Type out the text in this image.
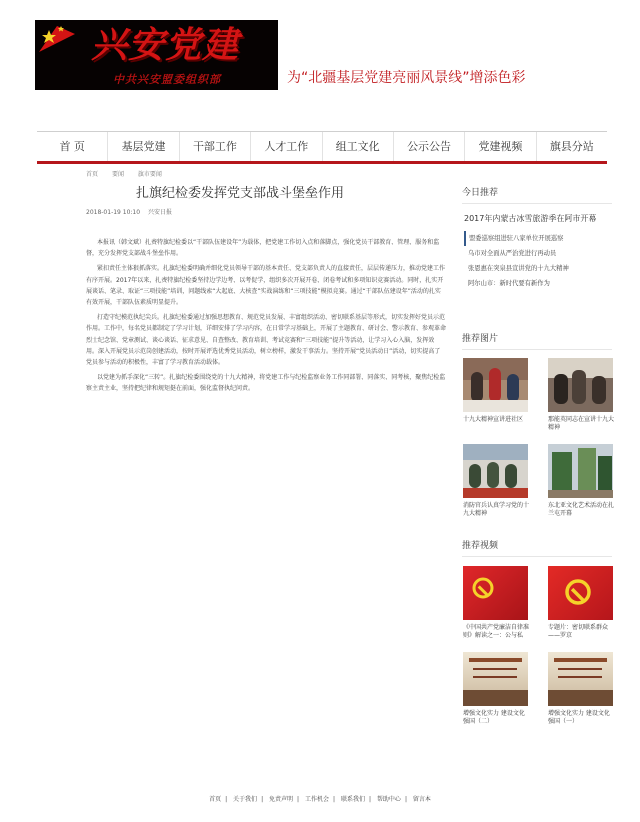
兴安党建
中共兴安盟委组织部	为“北疆基层党建亮丽风景线”增添色彩
首 页	基层党建	干部工作	人才工作	组工文化	公示公告	党建视频	旗县分站
首页 要闻 旗市要闻
扎旗纪检委发挥党支部战斗堡垒作用
2018-01-19 10:10 兴安日报

本报讯（韩文斌）扎赉特旗纪检委以“干部队伍建设年”为载体，把党建工作切入点和落脚点，强化党员干部教育、管理、服务和监督，充分发挥党支部战斗堡垒作用。

紧扣责任主体狠抓落实。扎旗纪检委明确并细化党员领导干部的基本责任、党支部负责人的直接责任，层层传递压力，推动党建工作有序开展。2017年以来，扎赉特旗纪检委坚持边学边考、以考促学，组织多次开展开卷、闭卷考试和多项知识竞赛活动。同时，扎实开展谈话、笔录、取证“三项技能”培训，问题线索“大起底、大核查”实战演练和“三项技能”模拟竞赛。通过“干部队伍建设年”活动的扎实有效开展，干部队伍素质明显提升。

打造守纪模范执纪尖兵。扎旗纪检委通过加强思想教育、规范党员发展、丰富组织活动、密切联系基层等形式，切实发挥好党员示范作用。工作中，每名党员都制定了学习计划，详细安排了学习内容，在日常学习基础上，开展了主题教育、研讨会、警示教育、参观革命烈士纪念馆、党章测试、谈心谈话、征求意见、自查整改、教育培训、考试竞赛和“三项技能”提升等活动，让学习入心入脑，发挥效用。深入开展党员示范岗创建活动，按时开展评选优秀党员活动，树立榜样，激发干事活力。坚持开展“党员活动日”活动，切实提高了党员参与活动的积极性，丰富了学习教育活动载体。

以党建为抓手深化“三转”。扎旗纪检委围绕党的十九大精神，将党建工作与纪检监察业务工作同部署、同落实、同考核，聚焦纪检监察主责主业，坚持把纪律和规矩挺在前面，强化监督执纪问责。

今日推荐
2017年内蒙古冰雪旅游季在阿市开幕
盟委巡察组进驻八家单位开展巡察
乌市对全面从严治党进行再动员
张恩惠在突泉县宣讲党的十九大精神
阿尔山市：新时代要有新作为
推荐图片
十九大精神宣讲进社区	那能英同志在宣讲十九大精神
消防官兵认真学习党的十九大精神
东北亚文化艺术活动在扎兰屯开幕
推荐视频
《中国共产党廉洁自律准则》解读之一：公与私
专题片：密切联系群众——罗京
增强文化实力 建设文化强国（二）
增强文化实力 建设文化强国（一）
首页 | 关于我们 | 免责声明 | 工作机会 | 联系我们 | 帮助中心 | 留言本
